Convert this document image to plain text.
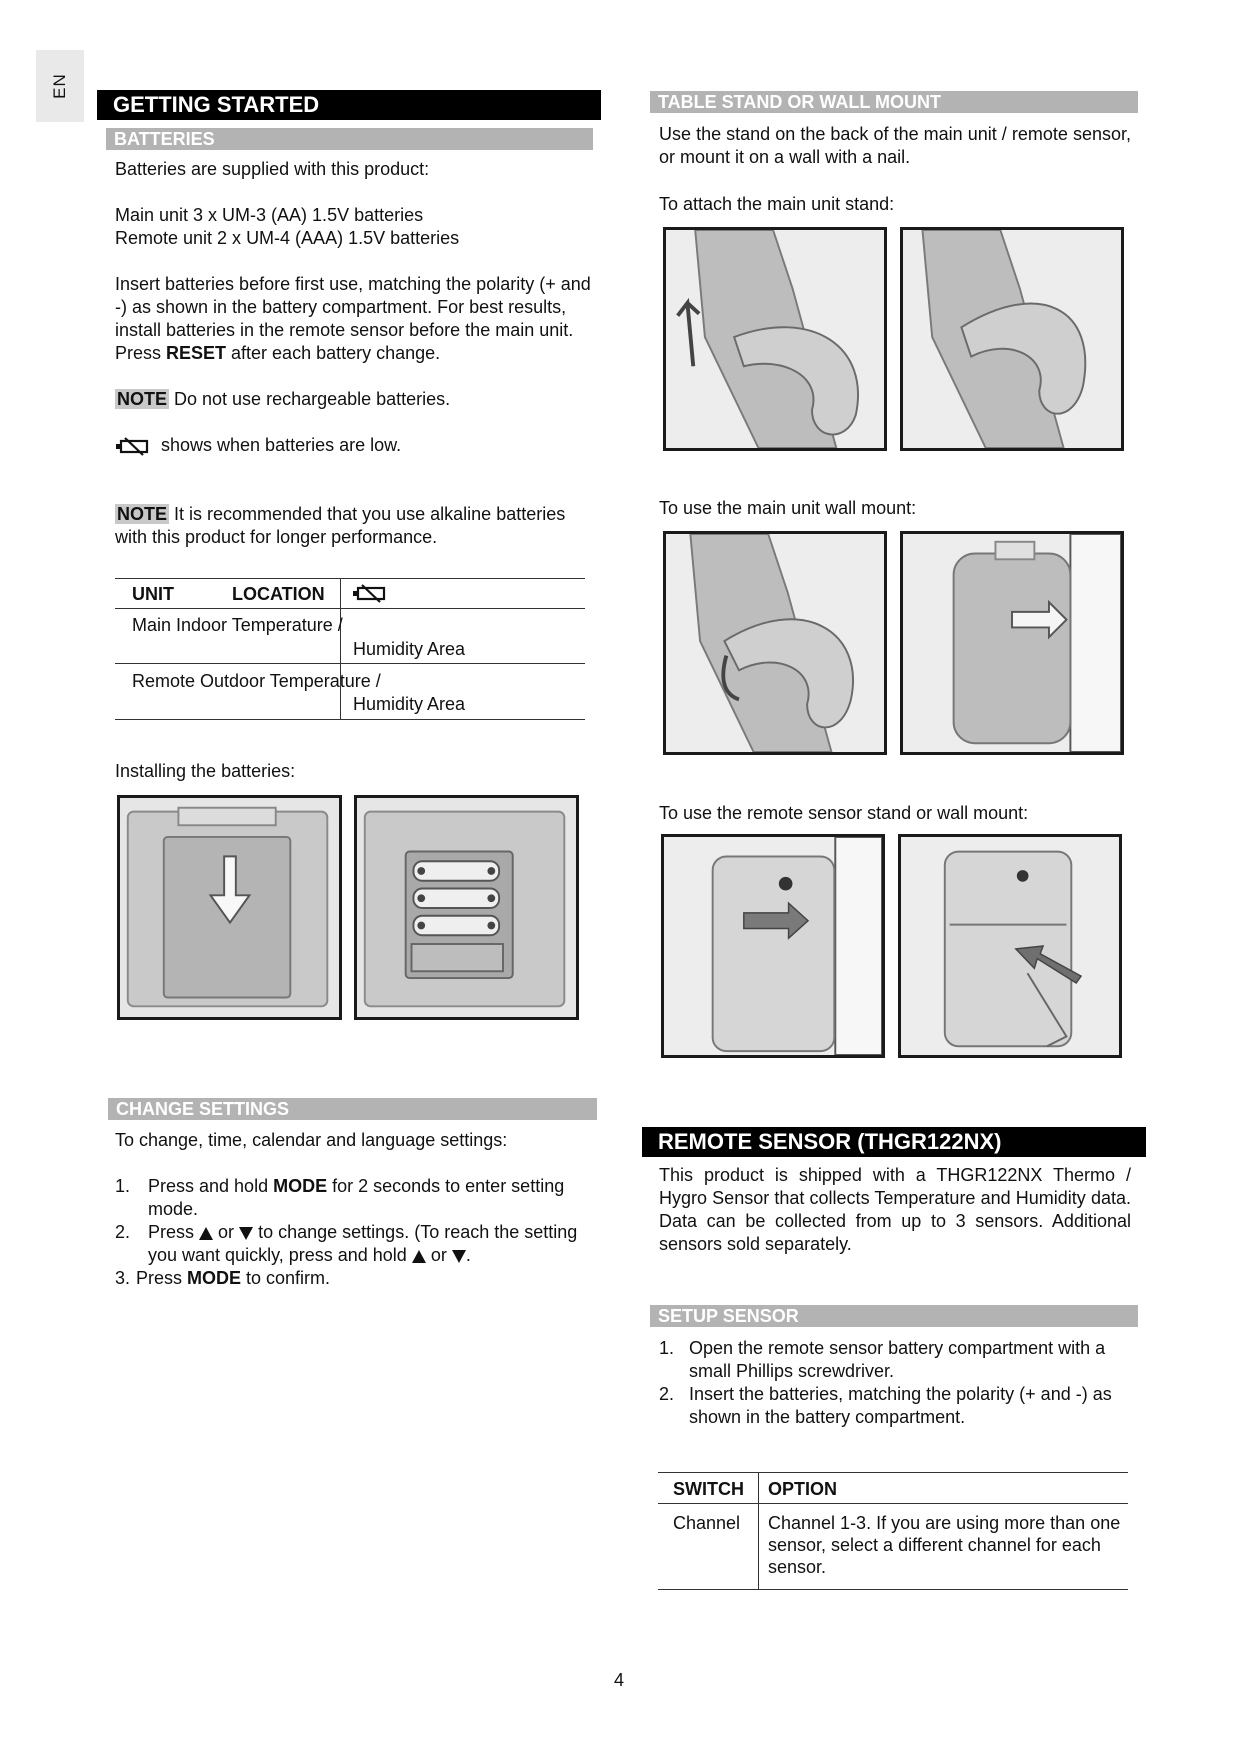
EN
GETTING STARTED
BATTERIES

Batteries are supplied with this product:

Main unit 3 x UM-3 (AA) 1.5V batteries

Remote unit 2 x UM-4 (AAA) 1.5V batteries

Insert batteries before first use, matching the polarity (+ and -) as shown in the battery compartment. For best results, install batteries in the remote sensor before the main unit. Press RESET after each battery change.

NOTE Do not use rechargeable batteries.

shows when batteries are low.

NOTE It is recommended that you use alkaline batteries with this product for longer performance.

UNIT	LOCATION
Main Indoor Temperature /
Humidity Area
Remote Outdoor Temperature /
Humidity Area
Installing the batteries:
CHANGE SETTINGS

To change, time, calendar and language settings:

1. Press and hold MODE for 2 seconds to enter setting mode.
2. Press or to change settings. (To reach the setting you want quickly, press and hold or .
3. Press MODE to confirm.
TABLE STAND OR WALL MOUNT
Use the stand on the back of the main unit / remote sensor, or mount it on a wall with a nail.
To attach the main unit stand:
To use the main unit wall mount:
To use the remote sensor stand or wall mount:
REMOTE SENSOR (THGR122NX)
This product is shipped with a THGR122NX Thermo / Hygro Sensor that collects Temperature and Humidity data. Data can be collected from up to 3 sensors. Additional sensors sold separately.
SETUP SENSOR
1. Open the remote sensor battery compartment with a small Phillips screwdriver.
2. Insert the batteries, matching the polarity (+ and -) as shown in the battery compartment.
SWITCH OPTION
Channel Channel 1-3. If you are using more than one sensor, select a different channel for each sensor.
4
